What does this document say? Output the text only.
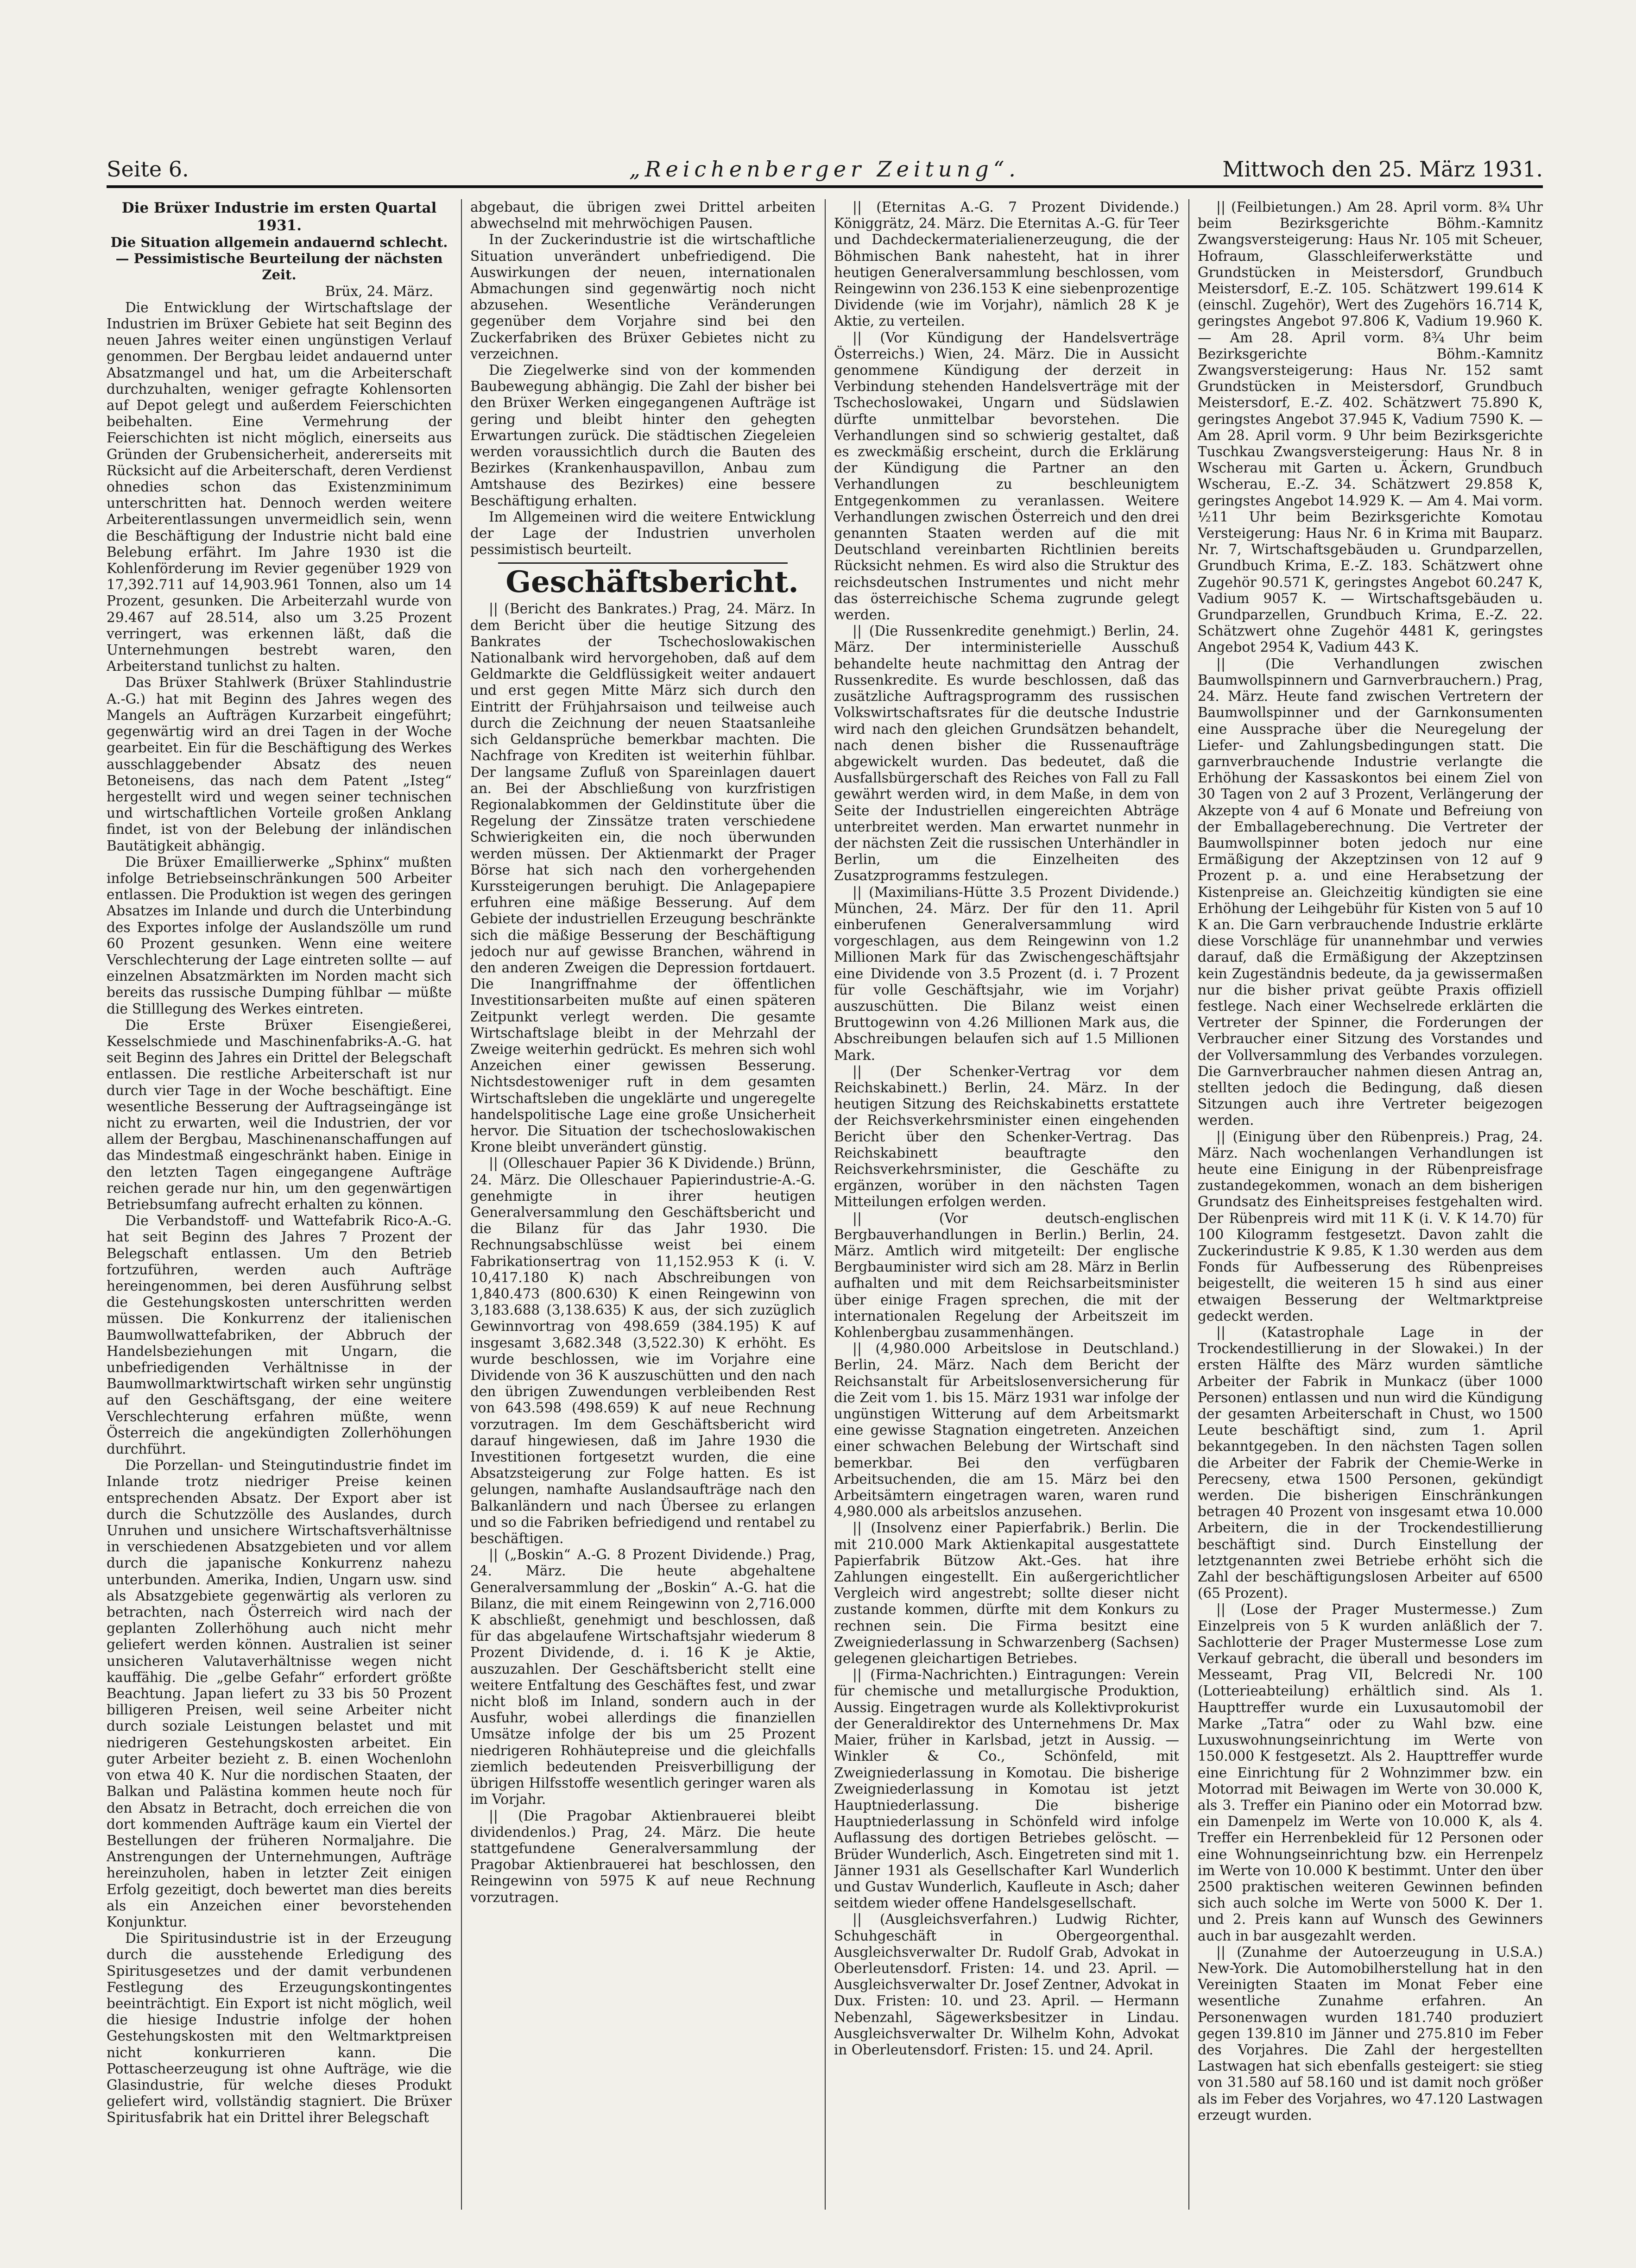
Seite 6.	„Reichenberger Zeitung“.	Mittwoch den 25. März 1931.

Die Brüxer Industrie im ersten Quartal 1931.

Die Situation allgemein andauernd schlecht. — Pessimistische Beurteilung der nächsten Zeit.

Brüx, 24. März.

Die Entwicklung der Wirtschaftslage der Industrien im Brüxer Gebiete hat seit Beginn des neuen Jahres weiter einen ungünstigen Verlauf genommen. Der Bergbau leidet andauernd unter Absatzmangel und hat, um die Arbeiterschaft durchzuhalten, weniger gefragte Kohlensorten auf Depot gelegt und außerdem Feierschichten beibehalten. Eine Vermehrung der Feierschichten ist nicht möglich, einerseits aus Gründen der Grubensicherheit, andererseits mit Rücksicht auf die Arbeiterschaft, deren Verdienst ohnedies schon das Existenzminimum unterschritten hat. Dennoch werden weitere Arbeiterentlassungen unvermeidlich sein, wenn die Beschäftigung der Industrie nicht bald eine Belebung erfährt. Im Jahre 1930 ist die Kohlenförderung im Revier gegenüber 1929 von 17,392.711 auf 14,903.961 Tonnen, also um 14 Prozent, gesunken. Die Arbeiterzahl wurde von 29.467 auf 28.514, also um 3.25 Prozent verringert, was erkennen läßt, daß die Unternehmungen bestrebt waren, den Arbeiterstand tunlichst zu halten.

Das Brüxer Stahlwerk (Brüxer Stahlindustrie A.-G.) hat mit Beginn des Jahres wegen des Mangels an Aufträgen Kurzarbeit eingeführt; gegenwärtig wird an drei Tagen in der Woche gearbeitet. Ein für die Beschäftigung des Werkes ausschlaggebender Absatz des neuen Betoneisens, das nach dem Patent „Isteg“ hergestellt wird und wegen seiner technischen und wirtschaftlichen Vorteile großen Anklang findet, ist von der Belebung der inländischen Bautätigkeit abhängig.

Die Brüxer Emaillierwerke „Sphinx“ mußten infolge Betriebseinschränkungen 500 Arbeiter entlassen. Die Produktion ist wegen des geringen Absatzes im Inlande und durch die Unterbindung des Exportes infolge der Auslandszölle um rund 60 Prozent gesunken. Wenn eine weitere Verschlechterung der Lage eintreten sollte — auf einzelnen Absatzmärkten im Norden macht sich bereits das russische Dumping fühlbar — müßte die Stilllegung des Werkes eintreten.

Die Erste Brüxer Eisengießerei, Kesselschmiede und Maschinenfabriks-A.-G. hat seit Beginn des Jahres ein Drittel der Belegschaft entlassen. Die restliche Arbeiterschaft ist nur durch vier Tage in der Woche beschäftigt. Eine wesentliche Besserung der Auftragseingänge ist nicht zu erwarten, weil die Industrien, der vor allem der Bergbau, Maschinenanschaffungen auf das Mindestmaß eingeschränkt haben. Einige in den letzten Tagen eingegangene Aufträge reichen gerade nur hin, um den gegenwärtigen Betriebsumfang aufrecht erhalten zu können.

Die Verbandstoff- und Wattefabrik Rico-A.-G. hat seit Beginn des Jahres 7 Prozent der Belegschaft entlassen. Um den Betrieb fortzuführen, werden auch Aufträge hereingenommen, bei deren Ausführung selbst die Gestehungskosten unterschritten werden müssen. Die Konkurrenz der italienischen Baumwollwattefabriken, der Abbruch der Handelsbeziehungen mit Ungarn, die unbefriedigenden Verhältnisse in der Baumwollmarktwirtschaft wirken sehr ungünstig auf den Geschäftsgang, der eine weitere Verschlechterung erfahren müßte, wenn Österreich die angekündigten Zollerhöhungen durchführt.

Die Porzellan- und Steingutindustrie findet im Inlande trotz niedriger Preise keinen entsprechenden Absatz. Der Export aber ist durch die Schutzzölle des Auslandes, durch Unruhen und unsichere Wirtschaftsverhältnisse in verschiedenen Absatzgebieten und vor allem durch die japanische Konkurrenz nahezu unterbunden. Amerika, Indien, Ungarn usw. sind als Absatzgebiete gegenwärtig als verloren zu betrachten, nach Österreich wird nach der geplanten Zollerhöhung auch nicht mehr geliefert werden können. Australien ist seiner unsicheren Valutaverhältnisse wegen nicht kauffähig. Die „gelbe Gefahr“ erfordert größte Beachtung. Japan liefert zu 33 bis 50 Prozent billigeren Preisen, weil seine Arbeiter nicht durch soziale Leistungen belastet und mit niedrigeren Gestehungskosten arbeitet. Ein guter Arbeiter bezieht z. B. einen Wochenlohn von etwa 40 K. Nur die nordischen Staaten, der Balkan und Palästina kommen heute noch für den Absatz in Betracht, doch erreichen die von dort kommenden Aufträge kaum ein Viertel der Bestellungen der früheren Normaljahre. Die Anstrengungen der Unternehmungen, Aufträge hereinzuholen, haben in letzter Zeit einigen Erfolg gezeitigt, doch bewertet man dies bereits als ein Anzeichen einer bevorstehenden Konjunktur.

Die Spiritusindustrie ist in der Erzeugung durch die ausstehende Erledigung des Spiritusgesetzes und der damit verbundenen Festlegung des Erzeugungskontingentes beeinträchtigt. Ein Export ist nicht möglich, weil die hiesige Industrie infolge der hohen Gestehungskosten mit den Weltmarktpreisen nicht konkurrieren kann. Die Pottascheerzeugung ist ohne Aufträge, wie die Glasindustrie, für welche dieses Produkt geliefert wird, vollständig stagniert. Die Brüxer Spiritusfabrik hat ein Drittel ihrer Belegschaft

abgebaut, die übrigen zwei Drittel arbeiten abwechselnd mit mehrwöchigen Pausen.

In der Zuckerindustrie ist die wirtschaftliche Situation unverändert unbefriedigend. Die Auswirkungen der neuen, internationalen Abmachungen sind gegenwärtig noch nicht abzusehen. Wesentliche Veränderungen gegenüber dem Vorjahre sind bei den Zuckerfabriken des Brüxer Gebietes nicht zu verzeichnen.

Die Ziegelwerke sind von der kommenden Baubewegung abhängig. Die Zahl der bisher bei den Brüxer Werken eingegangenen Aufträge ist gering und bleibt hinter den gehegten Erwartungen zurück. Die städtischen Ziegeleien werden voraussichtlich durch die Bauten des Bezirkes (Krankenhauspavillon, Anbau zum Amtshause des Bezirkes) eine bessere Beschäftigung erhalten.

Im Allgemeinen wird die weitere Entwicklung der Lage der Industrien unverholen pessimistisch beurteilt.

Geschäftsbericht.

|| (Bericht des Bankrates.) Prag, 24. März. In dem Bericht über die heutige Sitzung des Bankrates der Tschechoslowakischen Nationalbank wird hervorgehoben, daß auf dem Geldmarkte die Geldflüssigkeit weiter andauert und erst gegen Mitte März sich durch den Eintritt der Frühjahrsaison und teilweise auch durch die Zeichnung der neuen Staatsanleihe sich Geldansprüche bemerkbar machten. Die Nachfrage von Krediten ist weiterhin fühlbar. Der langsame Zufluß von Spareinlagen dauert an. Bei der Abschließung von kurzfristigen Regionalabkommen der Geldinstitute über die Regelung der Zinssätze traten verschiedene Schwierigkeiten ein, die noch überwunden werden müssen. Der Aktienmarkt der Prager Börse hat sich nach den vorhergehenden Kurssteigerungen beruhigt. Die Anlagepapiere erfuhren eine mäßige Besserung. Auf dem Gebiete der industriellen Erzeugung beschränkte sich die mäßige Besserung der Beschäftigung jedoch nur auf gewisse Branchen, während in den anderen Zweigen die Depression fortdauert. Die Inangriffnahme der öffentlichen Investitionsarbeiten mußte auf einen späteren Zeitpunkt verlegt werden. Die gesamte Wirtschaftslage bleibt in der Mehrzahl der Zweige weiterhin gedrückt. Es mehren sich wohl Anzeichen einer gewissen Besserung. Nichtsdestoweniger ruft in dem gesamten Wirtschaftsleben die ungeklärte und ungeregelte handelspolitische Lage eine große Unsicherheit hervor. Die Situation der tschechoslowakischen Krone bleibt unverändert günstig.

|| (Olleschauer Papier 36 K Dividende.) Brünn, 24. März. Die Olleschauer Papierindustrie-A.-G. genehmigte in ihrer heutigen Generalversammlung den Geschäftsbericht und die Bilanz für das Jahr 1930. Die Rechnungsabschlüsse weist bei einem Fabrikationsertrag von 11,152.953 K (i. V. 10,417.180 K) nach Abschreibungen von 1,840.473 (800.630) K einen Reingewinn von 3,183.688 (3,138.635) K aus, der sich zuzüglich Gewinnvortrag von 498.659 (384.195) K auf insgesamt 3,682.348 (3,522.30) K erhöht. Es wurde beschlossen, wie im Vorjahre eine Dividende von 36 K auszuschütten und den nach den übrigen Zuwendungen verbleibenden Rest von 643.598 (498.659) K auf neue Rechnung vorzutragen. Im dem Geschäftsbericht wird darauf hingewiesen, daß im Jahre 1930 die Investitionen fortgesetzt wurden, die eine Absatzsteigerung zur Folge hatten. Es ist gelungen, namhafte Auslandsaufträge nach den Balkanländern und nach Übersee zu erlangen und so die Fabriken befriedigend und rentabel zu beschäftigen.

|| („Boskin“ A.-G. 8 Prozent Dividende.) Prag, 24. März. Die heute abgehaltene Generalversammlung der „Boskin“ A.-G. hat die Bilanz, die mit einem Reingewinn von 2,716.000 K abschließt, genehmigt und beschlossen, daß für das abgelaufene Wirtschaftsjahr wiederum 8 Prozent Dividende, d. i. 16 K je Aktie, auszuzahlen. Der Geschäftsbericht stellt eine weitere Entfaltung des Geschäftes fest, und zwar nicht bloß im Inland, sondern auch in der Ausfuhr, wobei allerdings die finanziellen Umsätze infolge der bis um 25 Prozent niedrigeren Rohhäutepreise und die gleichfalls ziemlich bedeutenden Preisverbilligung der übrigen Hilfsstoffe wesentlich geringer waren als im Vorjahr.

|| (Die Pragobar Aktienbrauerei bleibt dividendenlos.) Prag, 24. März. Die heute stattgefundene Generalversammlung der Pragobar Aktienbrauerei hat beschlossen, den Reingewinn von 5975 K auf neue Rechnung vorzutragen.

|| (Eternitas A.-G. 7 Prozent Dividende.) Königgrätz, 24. März. Die Eternitas A.-G. für Teer und Dachdeckermaterialienerzeugung, die der Böhmischen Bank nahesteht, hat in ihrer heutigen Generalversammlung beschlossen, vom Reingewinn von 236.153 K eine siebenprozentige Dividende (wie im Vorjahr), nämlich 28 K je Aktie, zu verteilen.

|| (Vor Kündigung der Handelsverträge Österreichs.) Wien, 24. März. Die in Aussicht genommene Kündigung der derzeit in Verbindung stehenden Handelsverträge mit der Tschechoslowakei, Ungarn und Südslawien dürfte unmittelbar bevorstehen. Die Verhandlungen sind so schwierig gestaltet, daß es zweckmäßig erscheint, durch die Erklärung der Kündigung die Partner an den Verhandlungen zu beschleunigtem Entgegenkommen zu veranlassen. Weitere Verhandlungen zwischen Österreich und den drei genannten Staaten werden auf die mit Deutschland vereinbarten Richtlinien bereits Rücksicht nehmen. Es wird also die Struktur des reichsdeutschen Instrumentes und nicht mehr das österreichische Schema zugrunde gelegt werden.

|| (Die Russenkredite genehmigt.) Berlin, 24. März. Der interministerielle Ausschuß behandelte heute nachmittag den Antrag der Russenkredite. Es wurde beschlossen, daß das zusätzliche Auftragsprogramm des russischen Volkswirtschaftsrates für die deutsche Industrie wird nach den gleichen Grundsätzen behandelt, nach denen bisher die Russenaufträge abgewickelt wurden. Das bedeutet, daß die Ausfallsbürgerschaft des Reiches von Fall zu Fall gewährt werden wird, in dem Maße, in dem von Seite der Industriellen eingereichten Abträge unterbreitet werden. Man erwartet nunmehr in der nächsten Zeit die russischen Unterhändler in Berlin, um die Einzelheiten des Zusatzprogramms festzulegen.

|| (Maximilians-Hütte 3.5 Prozent Dividende.) München, 24. März. Der für den 11. April einberufenen Generalversammlung wird vorgeschlagen, aus dem Reingewinn von 1.2 Millionen Mark für das Zwischengeschäftsjahr eine Dividende von 3.5 Prozent (d. i. 7 Prozent für volle Geschäftsjahr, wie im Vorjahr) auszuschütten. Die Bilanz weist einen Bruttogewinn von 4.26 Millionen Mark aus, die Abschreibungen belaufen sich auf 1.5 Millionen Mark.

|| (Der Schenker-Vertrag vor dem Reichskabinett.) Berlin, 24. März. In der heutigen Sitzung des Reichskabinetts erstattete der Reichsverkehrsminister einen eingehenden Bericht über den Schenker-Vertrag. Das Reichskabinett beauftragte den Reichsverkehrsminister, die Geschäfte zu ergänzen, worüber in den nächsten Tagen Mitteilungen erfolgen werden.

|| (Vor deutsch-englischen Bergbauverhandlungen in Berlin.) Berlin, 24. März. Amtlich wird mitgeteilt: Der englische Bergbauminister wird sich am 28. März in Berlin aufhalten und mit dem Reichsarbeitsminister über einige Fragen sprechen, die mit der internationalen Regelung der Arbeitszeit im Kohlenbergbau zusammenhängen.

|| (4,980.000 Arbeitslose in Deutschland.) Berlin, 24. März. Nach dem Bericht der Reichsanstalt für Arbeitslosenversicherung für die Zeit vom 1. bis 15. März 1931 war infolge der ungünstigen Witterung auf dem Arbeitsmarkt eine gewisse Stagnation eingetreten. Anzeichen einer schwachen Belebung der Wirtschaft sind bemerkbar. Bei den verfügbaren Arbeitsuchenden, die am 15. März bei den Arbeitsämtern eingetragen waren, waren rund 4,980.000 als arbeitslos anzusehen.

|| (Insolvenz einer Papierfabrik.) Berlin. Die mit 210.000 Mark Aktienkapital ausgestattete Papierfabrik Bützow Akt.-Ges. hat ihre Zahlungen eingestellt. Ein außergerichtlicher Vergleich wird angestrebt; sollte dieser nicht zustande kommen, dürfte mit dem Konkurs zu rechnen sein. Die Firma besitzt eine Zweigniederlassung in Schwarzenberg (Sachsen) gelegenen gleichartigen Betriebes.

|| (Firma-Nachrichten.) Eintragungen: Verein für chemische und metallurgische Produktion, Aussig. Eingetragen wurde als Kollektivprokurist der Generaldirektor des Unternehmens Dr. Max Maier, früher in Karlsbad, jetzt in Aussig. — Winkler & Co., Schönfeld, mit Zweigniederlassung in Komotau. Die bisherige Zweigniederlassung in Komotau ist jetzt Hauptniederlassung. Die bisherige Hauptniederlassung in Schönfeld wird infolge Auflassung des dortigen Betriebes gelöscht. — Brüder Wunderlich, Asch. Eingetreten sind mit 1. Jänner 1931 als Gesellschafter Karl Wunderlich und Gustav Wunderlich, Kaufleute in Asch; daher seitdem wieder offene Handelsgesellschaft.

|| (Ausgleichsverfahren.) Ludwig Richter, Schuhgeschäft in Obergeorgenthal. Ausgleichsverwalter Dr. Rudolf Grab, Advokat in Oberleutensdorf. Fristen: 14. und 23. April. — Ausgleichsverwalter Dr. Josef Zentner, Advokat in Dux. Fristen: 10. und 23. April. — Hermann Nebenzahl, Sägewerksbesitzer in Lindau. Ausgleichsverwalter Dr. Wilhelm Kohn, Advokat in Oberleutensdorf. Fristen: 15. und 24. April.

|| (Feilbietungen.) Am 28. April vorm. 8¾ Uhr beim Bezirksgerichte Böhm.-Kamnitz Zwangsversteigerung: Haus Nr. 105 mit Scheuer, Hofraum, Glasschleiferwerkstätte und Grundstücken in Meistersdorf, Grundbuch Meistersdorf, E.-Z. 105. Schätzwert 199.614 K (einschl. Zugehör), Wert des Zugehörs 16.714 K, geringstes Angebot 97.806 K, Vadium 19.960 K. — Am 28. April vorm. 8¾ Uhr beim Bezirksgerichte Böhm.-Kamnitz Zwangsversteigerung: Haus Nr. 152 samt Grundstücken in Meistersdorf, Grundbuch Meistersdorf, E.-Z. 402. Schätzwert 75.890 K, geringstes Angebot 37.945 K, Vadium 7590 K. — Am 28. April vorm. 9 Uhr beim Bezirksgerichte Tuschkau Zwangsversteigerung: Haus Nr. 8 in Wscherau mit Garten u. Äckern, Grundbuch Wscherau, E.-Z. 34. Schätzwert 29.858 K, geringstes Angebot 14.929 K. — Am 4. Mai vorm. ½11 Uhr beim Bezirksgerichte Komotau Versteigerung: Haus Nr. 6 in Krima mit Bauparz. Nr. 7, Wirtschaftsgebäuden u. Grundparzellen, Grundbuch Krima, E.-Z. 183. Schätzwert ohne Zugehör 90.571 K, geringstes Angebot 60.247 K, Vadium 9057 K. — Wirtschaftsgebäuden u. Grundparzellen, Grundbuch Krima, E.-Z. 22. Schätzwert ohne Zugehör 4481 K, geringstes Angebot 2954 K, Vadium 443 K.

|| (Die Verhandlungen zwischen Baumwollspinnern und Garnverbrauchern.) Prag, 24. März. Heute fand zwischen Vertretern der Baumwollspinner und der Garnkonsumenten eine Aussprache über die Neuregelung der Liefer- und Zahlungsbedingungen statt. Die garnverbrauchende Industrie verlangte die Erhöhung der Kassaskontos bei einem Ziel von 30 Tagen von 2 auf 3 Prozent, Verlängerung der Akzepte von 4 auf 6 Monate und Befreiung von der Emballageberechnung. Die Vertreter der Baumwollspinner boten jedoch nur eine Ermäßigung der Akzeptzinsen von 12 auf 9 Prozent p. a. und eine Herabsetzung der Kistenpreise an. Gleichzeitig kündigten sie eine Erhöhung der Leihgebühr für Kisten von 5 auf 10 K an. Die Garn verbrauchende Industrie erklärte diese Vorschläge für unannehmbar und verwies darauf, daß die Ermäßigung der Akzeptzinsen kein Zugeständnis bedeute, da ja gewissermaßen nur die bisher privat geübte Praxis offiziell festlege. Nach einer Wechselrede erklärten die Vertreter der Spinner, die Forderungen der Verbraucher einer Sitzung des Vorstandes und der Vollversammlung des Verbandes vorzulegen. Die Garnverbraucher nahmen diesen Antrag an, stellten jedoch die Bedingung, daß diesen Sitzungen auch ihre Vertreter beigezogen werden.

|| (Einigung über den Rübenpreis.) Prag, 24. März. Nach wochenlangen Verhandlungen ist heute eine Einigung in der Rübenpreisfrage zustandegekommen, wonach an dem bisherigen Grundsatz des Einheitspreises festgehalten wird. Der Rübenpreis wird mit 11 K (i. V. K 14.70) für 100 Kilogramm festgesetzt. Davon zahlt die Zuckerindustrie K 9.85, K 1.30 werden aus dem Fonds für Aufbesserung des Rübenpreises beigestellt, die weiteren 15 h sind aus einer etwaigen Besserung der Weltmarktpreise gedeckt werden.

|| (Katastrophale Lage in der Trockendestillierung in der Slowakei.) In der ersten Hälfte des März wurden sämtliche Arbeiter der Fabrik in Munkacz (über 1000 Personen) entlassen und nun wird die Kündigung der gesamten Arbeiterschaft in Chust, wo 1500 Leute beschäftigt sind, zum 1. April bekanntgegeben. In den nächsten Tagen sollen die Arbeiter der Fabrik der Chemie-Werke in Perecseny, etwa 1500 Personen, gekündigt werden. Die bisherigen Einschränkungen betragen 40 Prozent von insgesamt etwa 10.000 Arbeitern, die in der Trockendestillierung beschäftigt sind. Durch Einstellung der letztgenannten zwei Betriebe erhöht sich die Zahl der beschäftigungslosen Arbeiter auf 6500 (65 Prozent).

|| (Lose der Prager Mustermesse.) Zum Einzelpreis von 5 K wurden anläßlich der 7. Sachlotterie der Prager Mustermesse Lose zum Verkauf gebracht, die überall und besonders im Messeamt, Prag VII, Belcredi Nr. 100 (Lotterieabteilung) erhältlich sind. Als 1. Haupttreffer wurde ein Luxusautomobil der Marke „Tatra“ oder zu Wahl bzw. eine Luxuswohnungseinrichtung im Werte von 150.000 K festgesetzt. Als 2. Haupttreffer wurde eine Einrichtung für 2 Wohnzimmer bzw. ein Motorrad mit Beiwagen im Werte von 30.000 K, als 3. Treffer ein Pianino oder ein Motorrad bzw. ein Damenpelz im Werte von 10.000 K, als 4. Treffer ein Herrenbekleid für 12 Personen oder eine Wohnungseinrichtung bzw. ein Herrenpelz im Werte von 10.000 K bestimmt. Unter den über 2500 praktischen weiteren Gewinnen befinden sich auch solche im Werte von 5000 K. Der 1. und 2. Preis kann auf Wunsch des Gewinners auch in bar ausgezahlt werden.

|| (Zunahme der Autoerzeugung in U.S.A.) New-York. Die Automobilherstellung hat in den Vereinigten Staaten im Monat Feber eine wesentliche Zunahme erfahren. An Personenwagen wurden 181.740 produziert gegen 139.810 im Jänner und 275.810 im Feber des Vorjahres. Die Zahl der hergestellten Lastwagen hat sich ebenfalls gesteigert: sie stieg von 31.580 auf 58.160 und ist damit noch größer als im Feber des Vorjahres, wo 47.120 Lastwagen erzeugt wurden.
